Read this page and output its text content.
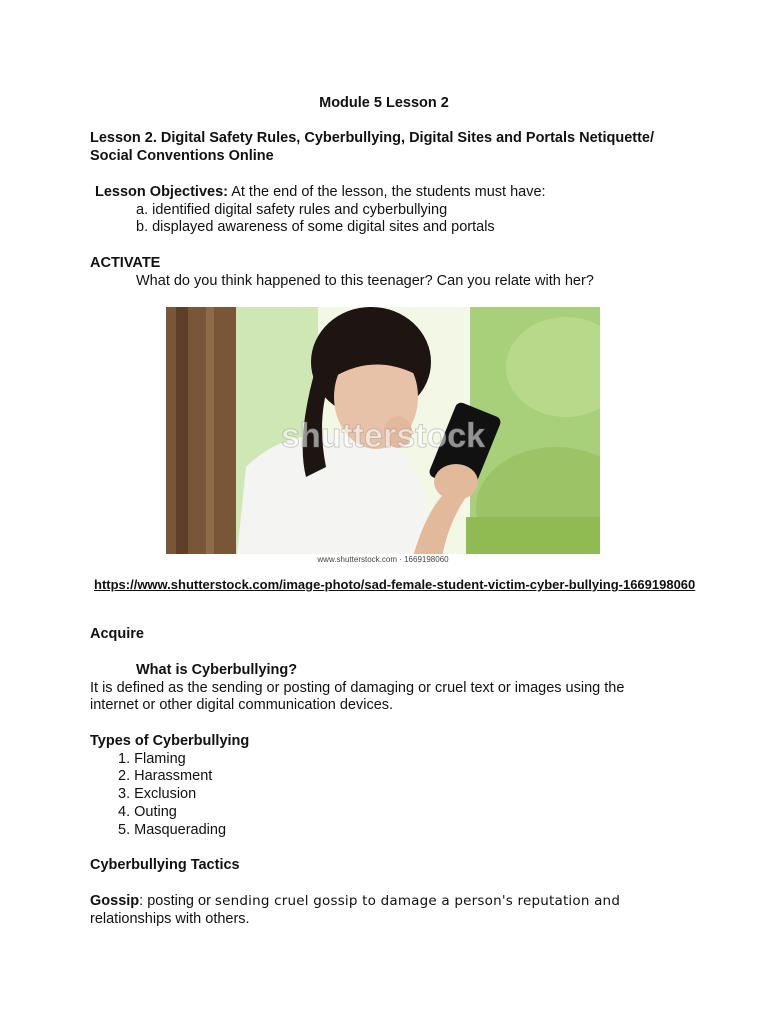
Module 5 Lesson 2
Lesson 2. Digital Safety Rules, Cyberbullying, Digital Sites and Portals Netiquette/
Social Conventions Online
Lesson Objectives: At the end of the lesson, the students must have:
a. identified digital safety rules and cyberbullying
b. displayed awareness of some digital sites and portals
ACTIVATE
What do you think happened to this teenager? Can you relate with her?
www.shutterstock.com · 1669198060
shutterstock
https://www.shutterstock.com/image-photo/sad-female-student-victim-cyber-bullying-1669198060
Acquire
What is Cyberbullying?
It is defined as the sending or posting of damaging or cruel text or images using the
internet or other digital communication devices.
Types of Cyberbullying
1. Flaming
2. Harassment
3. Exclusion
4. Outing
5. Masquerading
Cyberbullying Tactics
Gossip: posting or sending cruel gossip to damage a person's reputation and
relationships with others.
